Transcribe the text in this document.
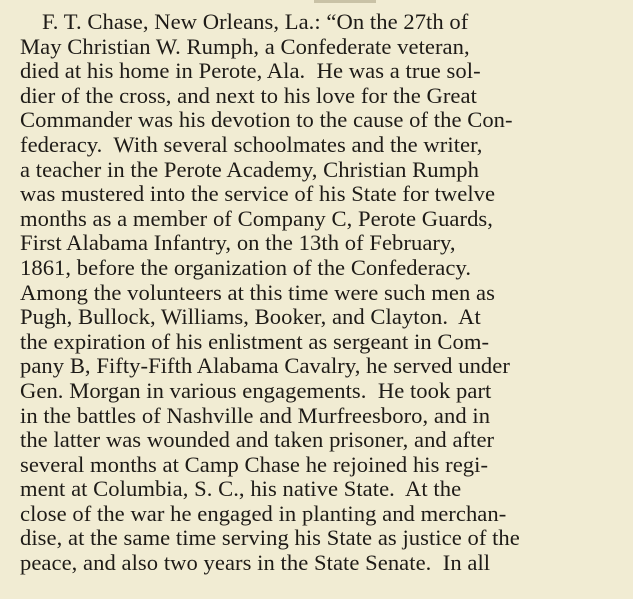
F. T. Chase, New Orleans, La.: “On the 27th of
May Christian W. Rumph, a Confederate veteran,
died at his home in Perote, Ala.  He was a true sol-
dier of the cross, and next to his love for the Great
Commander was his devotion to the cause of the Con-
federacy.  With several schoolmates and the writer,
a teacher in the Perote Academy, Christian Rumph
was mustered into the service of his State for twelve
months as a member of Company C, Perote Guards,
First Alabama Infantry, on the 13th of February,
1861, before the organization of the Confederacy.
Among the volunteers at this time were such men as
Pugh, Bullock, Williams, Booker, and Clayton.  At
the expiration of his enlistment as sergeant in Com-
pany B, Fifty-Fifth Alabama Cavalry, he served under
Gen. Morgan in various engagements.  He took part
in the battles of Nashville and Murfreesboro, and in
the latter was wounded and taken prisoner, and after
several months at Camp Chase he rejoined his regi-
ment at Columbia, S. C., his native State.  At the
close of the war he engaged in planting and merchan-
dise, at the same time serving his State as justice of the
peace, and also two years in the State Senate.  In all
